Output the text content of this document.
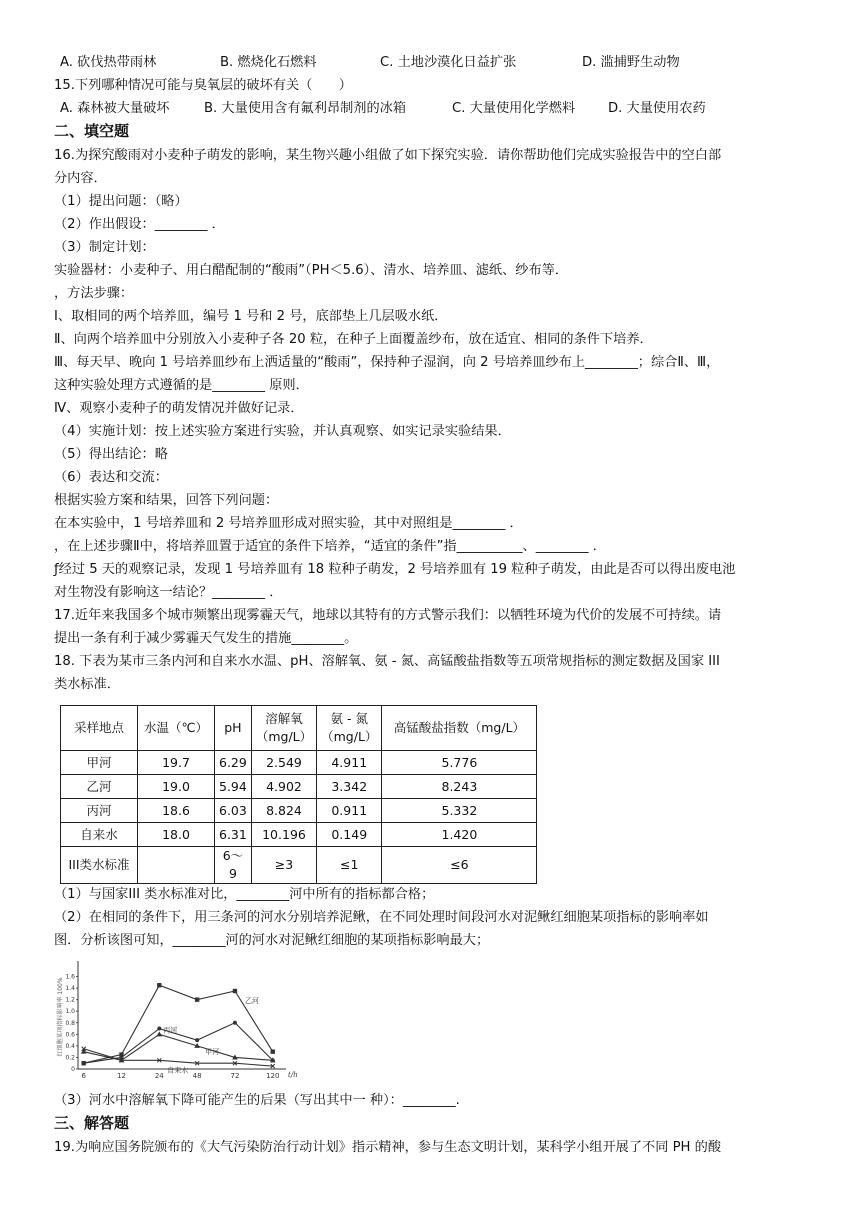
A. 砍伐热带雨林	B. 燃烧化石燃料	C. 土地沙漠化日益扩张	D. 滥捕野生动物
15.下列哪种情况可能与臭氧层的破坏有关（　　）
A. 森林被大量破坏	B. 大量使用含有氟利昂制剂的冰箱	C. 大量使用化学燃料 D. 大量使用农药
二、填空题
16.为探究酸雨对小麦种子萌发的影响，某生物兴趣小组做了如下探究实验．请你帮助他们完成实验报告中的空白部
分内容．
（1）提出问题：（略）
（2）作出假设：________ ．
（3）制定计划：
实验器材：小麦种子、用白醋配制的“酸雨”（PH＜5.6）、清水、培养皿、滤纸、纱布等．
，方法步骤：
Ⅰ、取相同的两个培养皿，编号 1 号和 2 号，底部垫上几层吸水纸．
Ⅱ、向两个培养皿中分别放入小麦种子各 20 粒，在种子上面覆盖纱布，放在适宜、相同的条件下培养．
Ⅲ、每天早、晚向 1 号培养皿纱布上洒适量的“酸雨”，保持种子湿润，向 2 号培养皿纱布上________；综合Ⅱ、Ⅲ，
这种实验处理方式遵循的是________ 原则．
Ⅳ、观察小麦种子的萌发情况并做好记录．
（4）实施计划：按上述实验方案进行实验，并认真观察、如实记录实验结果．
（5）得出结论：略
（6）表达和交流：
根据实验方案和结果，回答下列问题：
在本实验中，1 号培养皿和 2 号培养皿形成对照实验，其中对照组是________ ．
，在上述步骤Ⅱ中，将培养皿置于适宜的条件下培养，“适宜的条件”指__________、________ ．
ƒ经过 5 天的观察记录，发现 1 号培养皿有 18 粒种子萌发，2 号培养皿有 19 粒种子萌发，由此是否可以得出废电池
对生物没有影响这一结论？________ ．
17.近年来我国多个城市频繁出现雾霾天气，地球以其特有的方式警示我们：以牺牲环境为代价的发展不可持续。请
提出一条有利于减少雾霾天气发生的措施________。
18. 下表为某市三条内河和自来水水温、pH、溶解氧、氨 - 氮、高锰酸盐指数等五项常规指标的测定数据及国家 III
类水标准．
采样地点	水温（℃）	pH	溶解氧（mg/L）	氨 - 氮（mg/L）	高锰酸盐指数（mg/L）
甲河	19.7	6.29	2.549	4.911	5.776
乙河	19.0	5.94	4.902	3.342	8.243
丙河	18.6	6.03	8.824	0.911	5.332
自来水	18.0	6.31	10.196	0.149	1.420
III类水标准		6～9	≥3	≤1	≤6
（1）与国家III 类水标准对比，________河中所有的指标都合格；
（2）在相同的条件下，用三条河的河水分别培养泥鳅，在不同处理时间段河水对泥鳅红细胞某项指标的影响率如
图．分析该图可知，________河的河水对泥鳅红细胞的某项指标影响最大；
红细胞某项指标影响率 100%
0
0.2
0.4
0.6
0.8
1.0
1.2
1.4
1.6
6	12	24	48	72	120 t/h
乙河
丙河
甲河
自来水
（3）河水中溶解氧下降可能产生的后果（写出其中一 种）：________.
三、解答题
19.为响应国务院颁布的《大气污染防治行动计划》指示精神，参与生态文明计划，某科学小组开展了不同 PH 的酸
